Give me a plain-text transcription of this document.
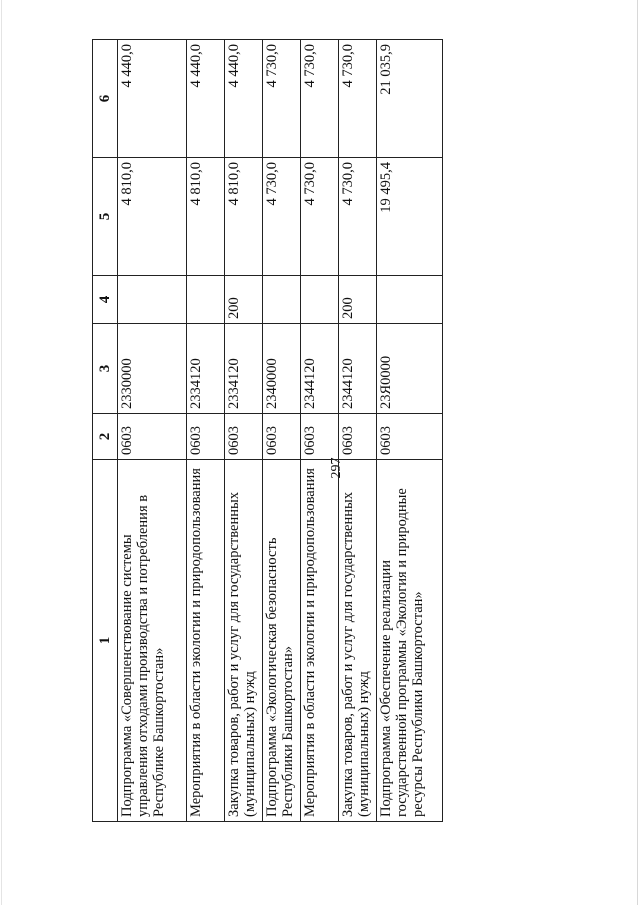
297
1	2	3	4	5	6
Подпрограмма «Совершенствование системы управления отходами производства и потребления в Республике Башкортостан»	0603	2330000		4 810,0	4 440,0
Мероприятия в области экологии и природопользования	0603	2334120		4 810,0	4 440,0
Закупка товаров, работ и услуг для государственных (муниципальных) нужд	0603	2334120	200	4 810,0	4 440,0
Подпрограмма «Экологическая безопасность Республики Башкортостан»	0603	2340000		4 730,0	4 730,0
Мероприятия в области экологии и природопользования	0603	2344120		4 730,0	4 730,0
Закупка товаров, работ и услуг для государственных (муниципальных) нужд	0603	2344120	200	4 730,0	4 730,0
Подпрограмма «Обеспечение реализации государственной программы «Экология и природные ресурсы Республики Башкортостан»	0603	23Я0000		19 495,4	21 035,9
